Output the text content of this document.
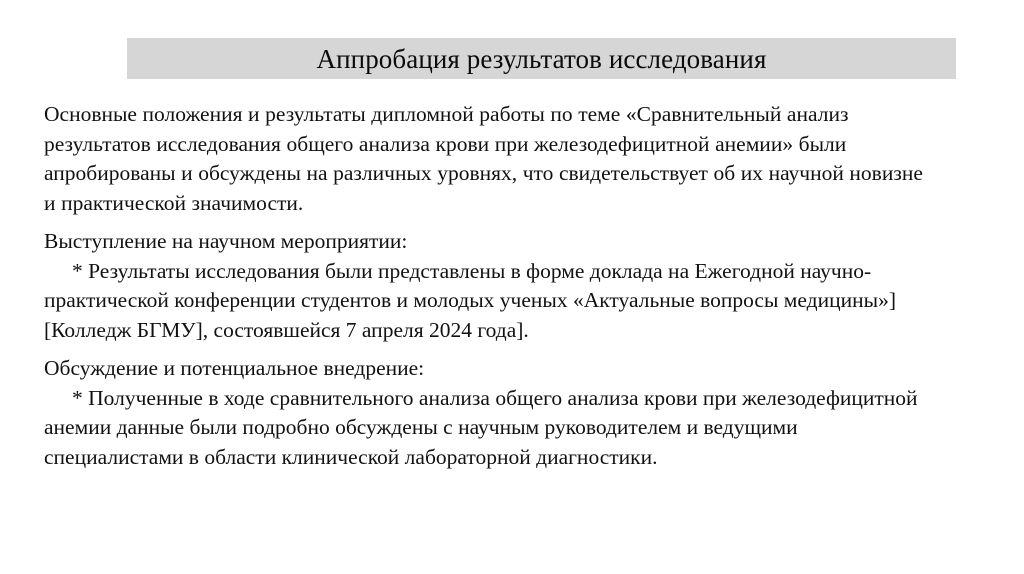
Аппробация результатов исследования

Основные положения и результаты дипломной работы по теме «Сравнительный анализ результатов исследования общего анализа крови при железодефицитной анемии» были апробированы и обсуждены на различных уровнях, что свидетельствует об их научной новизне и практической значимости.

Выступление на научном мероприятии:

* Результаты исследования были представлены в форме доклада на Ежегодной научно-практической конференции студентов и молодых ученых «Актуальные вопросы медицины»] [Колледж БГМУ], состоявшейся 7 апреля 2024 года].

Обсуждение и потенциальное внедрение:

* Полученные в ходе сравнительного анализа общего анализа крови при железодефицитной анемии данные были подробно обсуждены с научным руководителем и ведущими специалистами в области клинической лабораторной диагностики.
